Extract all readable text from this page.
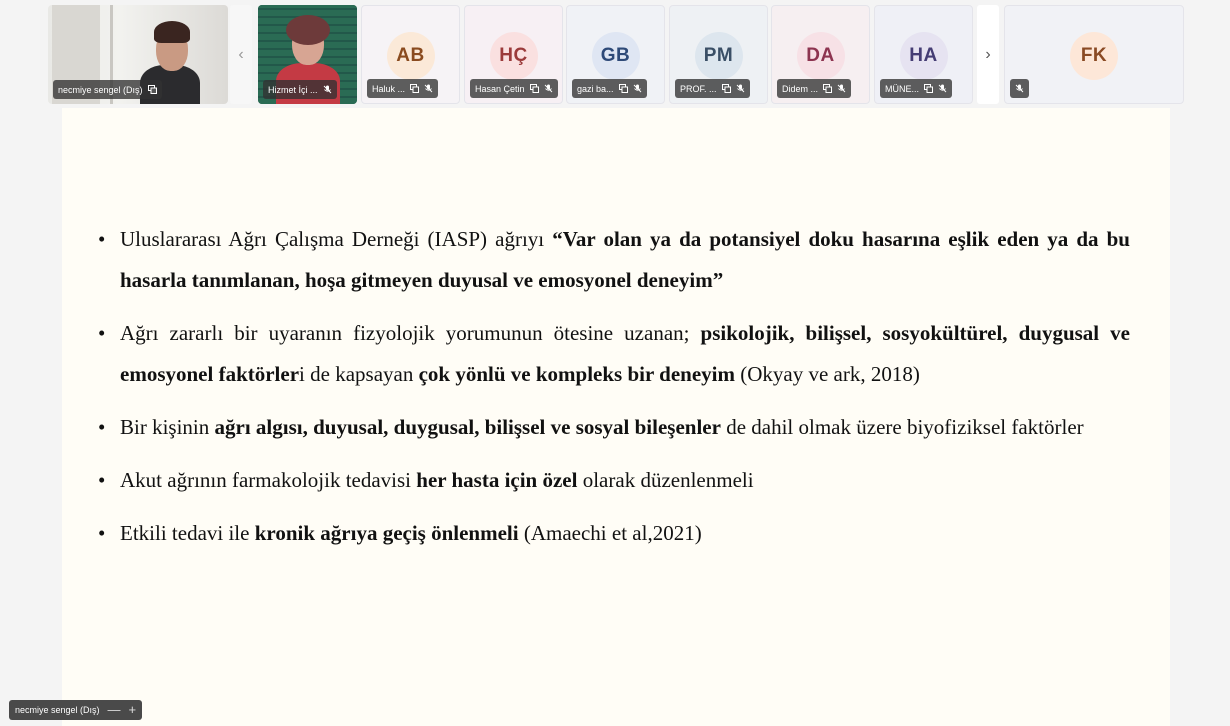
necmiye sengel (Dış)
‹
Hizmet İçi ...
AB
Haluk ...
HÇ
Hasan Çetin
GB
gazi ba...
PM
PROF. ...
DA
Didem ...
HA
MÜNE...
›	FK
• Uluslararası Ağrı Çalışma Derneği (IASP) ağrıyı “Var olan ya da potansiyel doku hasarına eşlik eden ya da bu hasarla tanımlanan, hoşa gitmeyen duyusal ve emosyonel deneyim”
• Ağrı zararlı bir uyaranın fizyolojik yorumunun ötesine uzanan; psikolojik, bilişsel, sosyokültürel, duygusal ve emosyonel faktörleri de kapsayan çok yönlü ve kompleks bir deneyim (Okyay ve ark, 2018)
• Bir kişinin ağrı algısı, duyusal, duygusal, bilişsel ve sosyal bileşenler de dahil olmak üzere biyofiziksel faktörler
• Akut ağrının farmakolojik tedavisi her hasta için özel olarak düzenlenmeli
• Etkili tedavi ile kronik ağrıya geçiş önlenmeli (Amaechi et al,2021)
necmiye sengel (Dış) — +
